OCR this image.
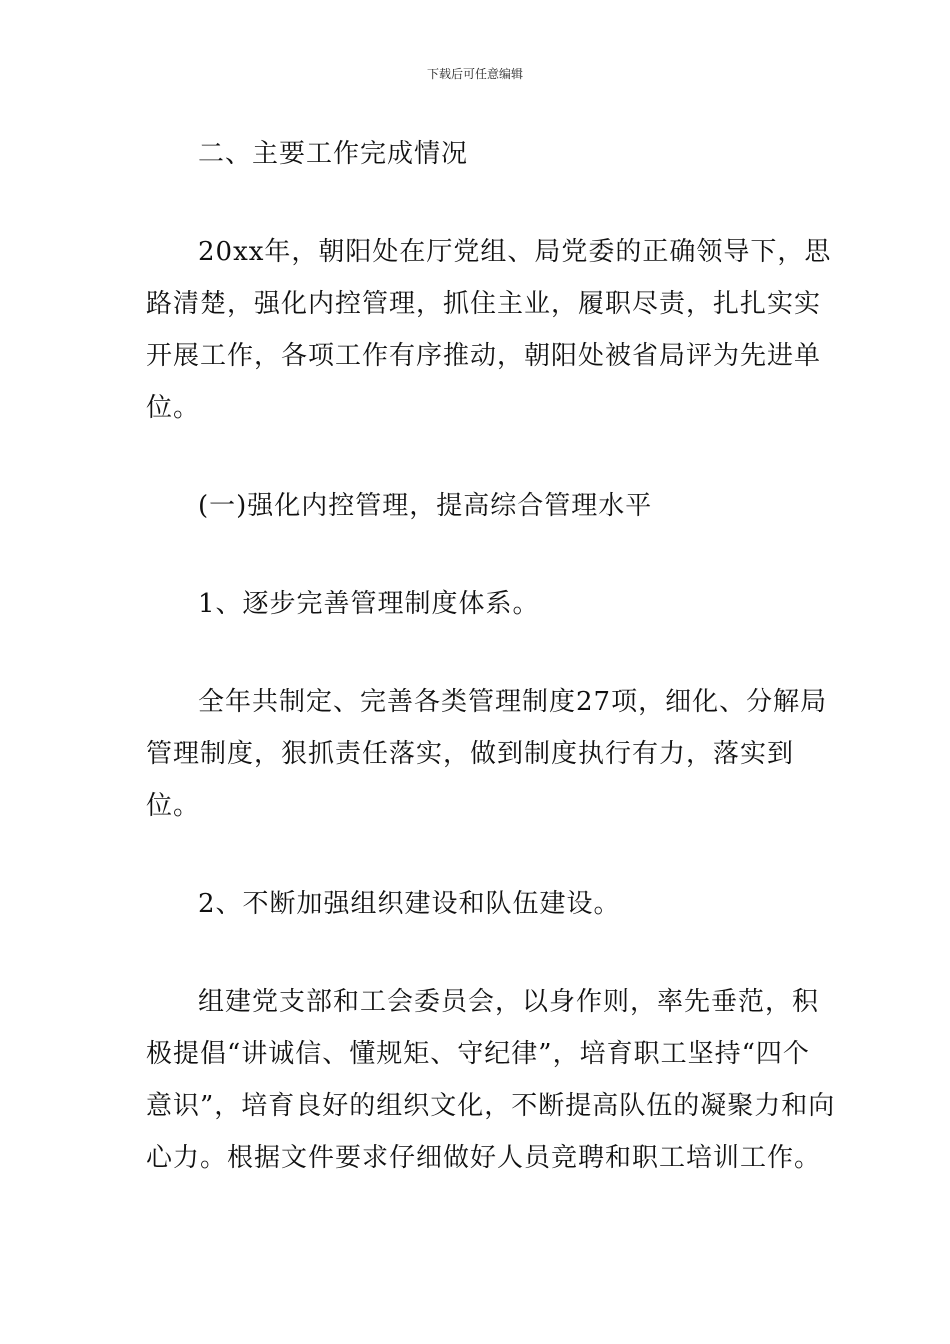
下载后可任意编辑

二、主要工作完成情况

20xx年，朝阳处在厅党组、局党委的正确领导下，思路清楚，强化内控管理，抓住主业，履职尽责，扎扎实实开展工作，各项工作有序推动，朝阳处被省局评为先进单位。

(一)强化内控管理，提高综合管理水平

1、逐步完善管理制度体系。

全年共制定、完善各类管理制度27项，细化、分解局管理制度，狠抓责任落实，做到制度执行有力，落实到位。

2、不断加强组织建设和队伍建设。

组建党支部和工会委员会，以身作则，率先垂范，积极提倡“讲诚信、懂规矩、守纪律”，培育职工坚持“四个意识”，培育良好的组织文化，不断提高队伍的凝聚力和向心力。根据文件要求仔细做好人员竞聘和职工培训工作。
